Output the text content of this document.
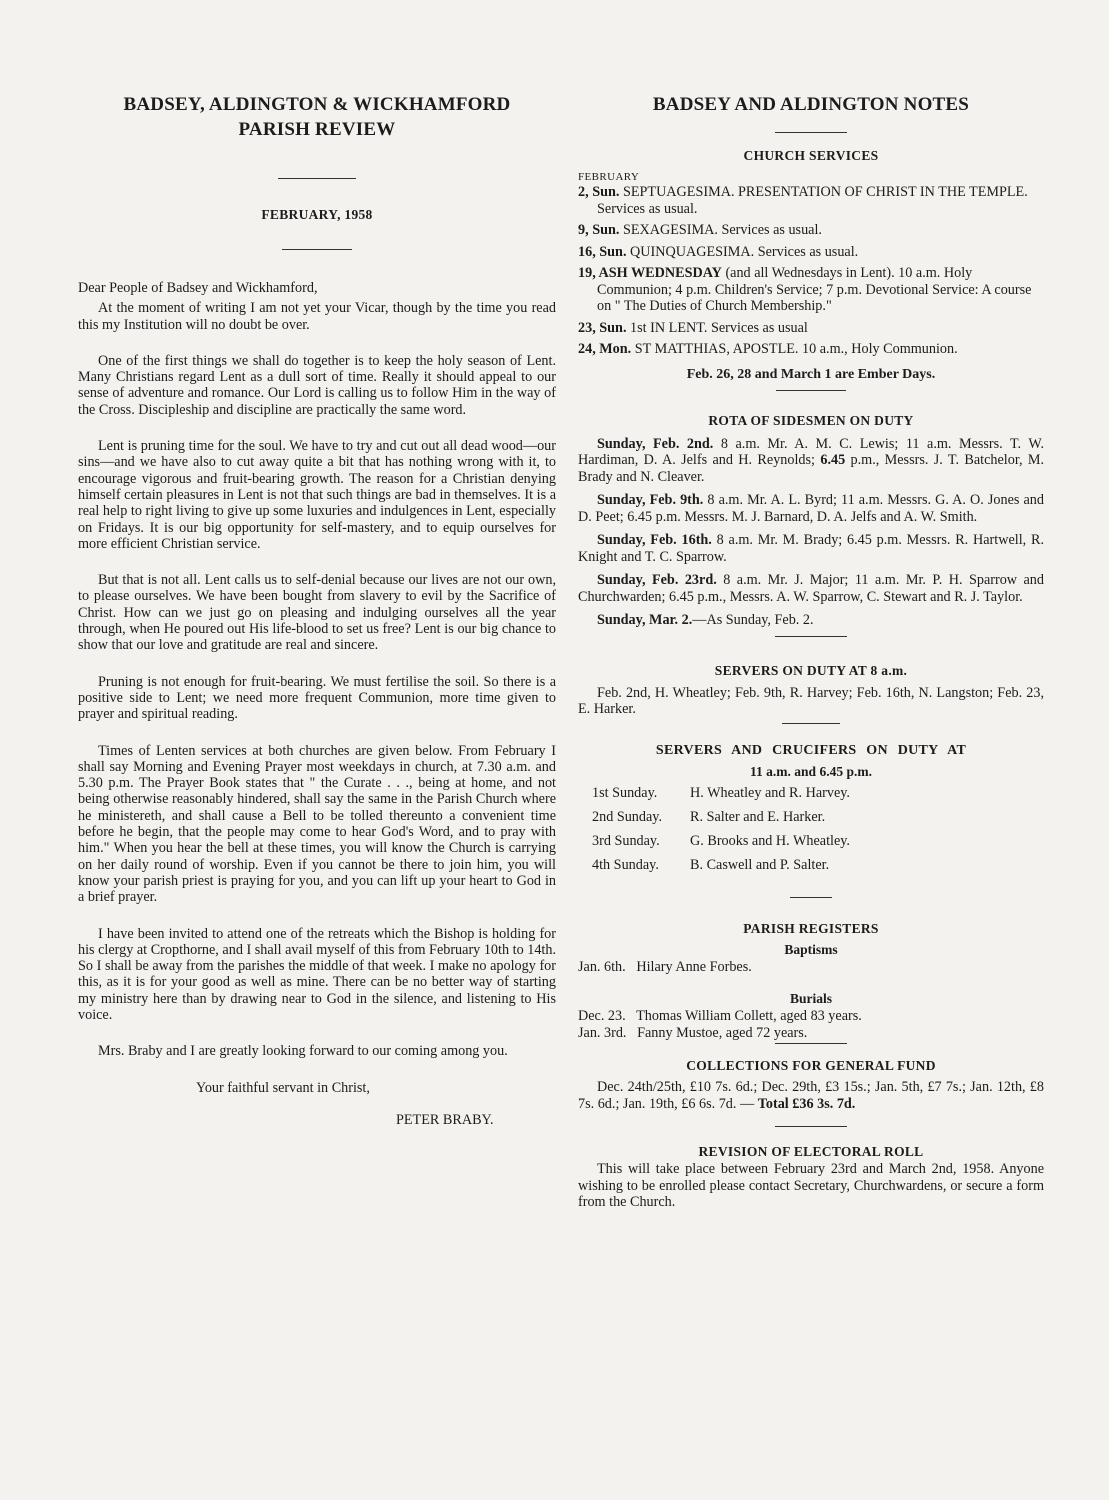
BADSEY, ALDINGTON & WICKHAMFORD
PARISH REVIEW
FEBRUARY, 1958

Dear People of Badsey and Wickhamford,

At the moment of writing I am not yet your Vicar, though by the time you read this my Institution will no doubt be over.

One of the first things we shall do together is to keep the holy season of Lent. Many Christians regard Lent as a dull sort of time. Really it should appeal to our sense of adventure and romance. Our Lord is calling us to follow Him in the way of the Cross. Discipleship and discipline are practically the same word.

Lent is pruning time for the soul. We have to try and cut out all dead wood—our sins—and we have also to cut away quite a bit that has nothing wrong with it, to encourage vigorous and fruit-bearing growth. The reason for a Christian denying himself certain pleasures in Lent is not that such things are bad in themselves. It is a real help to right living to give up some luxuries and indulgences in Lent, especially on Fridays. It is our big opportunity for self-mastery, and to equip ourselves for more efficient Christian service.

But that is not all. Lent calls us to self-denial because our lives are not our own, to please ourselves. We have been bought from slavery to evil by the Sacrifice of Christ. How can we just go on pleasing and indulging ourselves all the year through, when He poured out His life-blood to set us free? Lent is our big chance to show that our love and gratitude are real and sincere.

Pruning is not enough for fruit-bearing. We must fertilise the soil. So there is a positive side to Lent; we need more frequent Communion, more time given to prayer and spiritual reading.

Times of Lenten services at both churches are given below. From February I shall say Morning and Evening Prayer most weekdays in church, at 7.30 a.m. and 5.30 p.m. The Prayer Book states that " the Curate . . ., being at home, and not being otherwise reasonably hindered, shall say the same in the Parish Church where he ministereth, and shall cause a Bell to be tolled thereunto a convenient time before he begin, that the people may come to hear God's Word, and to pray with him." When you hear the bell at these times, you will know the Church is carrying on her daily round of worship. Even if you cannot be there to join him, you will know your parish priest is praying for you, and you can lift up your heart to God in a brief prayer.

I have been invited to attend one of the retreats which the Bishop is holding for his clergy at Cropthorne, and I shall avail myself of this from February 10th to 14th. So I shall be away from the parishes the middle of that week. I make no apology for this, as it is for your good as well as mine. There can be no better way of starting my ministry here than by drawing near to God in the silence, and listening to His voice.

Mrs. Braby and I are greatly looking forward to our coming among you.

Your faithful servant in Christ,

PETER BRABY.

BADSEY AND ALDINGTON NOTES
CHURCH SERVICES
FEBRUARY
2, Sun. SEPTUAGESIMA. PRESENTATION OF CHRIST IN THE TEMPLE. Services as usual.
9, Sun. SEXAGESIMA. Services as usual.
16, Sun. QUINQUAGESIMA. Services as usual.
19, ASH WEDNESDAY (and all Wednesdays in Lent). 10 a.m. Holy Communion; 4 p.m. Children's Service; 7 p.m. Devotional Service: A course on " The Duties of Church Membership."
23, Sun. 1st IN LENT. Services as usual
24, Mon. ST MATTHIAS, APOSTLE. 10 a.m., Holy Communion.
Feb. 26, 28 and March 1 are Ember Days.
ROTA OF SIDESMEN ON DUTY

Sunday, Feb. 2nd. 8 a.m. Mr. A. M. C. Lewis; 11 a.m. Messrs. T. W. Hardiman, D. A. Jelfs and H. Reynolds; 6.45 p.m., Messrs. J. T. Batchelor, M. Brady and N. Cleaver.

Sunday, Feb. 9th. 8 a.m. Mr. A. L. Byrd; 11 a.m. Messrs. G. A. O. Jones and D. Peet; 6.45 p.m. Messrs. M. J. Barnard, D. A. Jelfs and A. W. Smith.

Sunday, Feb. 16th. 8 a.m. Mr. M. Brady; 6.45 p.m. Messrs. R. Hartwell, R. Knight and T. C. Sparrow.

Sunday, Feb. 23rd. 8 a.m. Mr. J. Major; 11 a.m. Mr. P. H. Sparrow and Churchwarden; 6.45 p.m., Messrs. A. W. Sparrow, C. Stewart and R. J. Taylor.

Sunday, Mar. 2.—As Sunday, Feb. 2.

SERVERS ON DUTY AT 8 a.m.

Feb. 2nd, H. Wheatley; Feb. 9th, R. Harvey; Feb. 16th, N. Langston; Feb. 23, E. Harker.

SERVERS AND CRUCIFERS ON DUTY AT
11 a.m. and 6.45 p.m.
1st Sunday.	H. Wheatley and R. Harvey.
2nd Sunday.	R. Salter and E. Harker.
3rd Sunday.	G. Brooks and H. Wheatley.
4th Sunday.	B. Caswell and P. Salter.
PARISH REGISTERS
Baptisms
Jan. 6th. Hilary Anne Forbes.
Burials
Dec. 23. Thomas William Collett, aged 83 years.
Jan. 3rd. Fanny Mustoe, aged 72 years.
COLLECTIONS FOR GENERAL FUND

Dec. 24th/25th, £10 7s. 6d.; Dec. 29th, £3 15s.; Jan. 5th, £7 7s.; Jan. 12th, £8 7s. 6d.; Jan. 19th, £6 6s. 7d. — Total £36 3s. 7d.

REVISION OF ELECTORAL ROLL

This will take place between February 23rd and March 2nd, 1958. Anyone wishing to be enrolled please contact Secretary, Churchwardens, or secure a form from the Church.
